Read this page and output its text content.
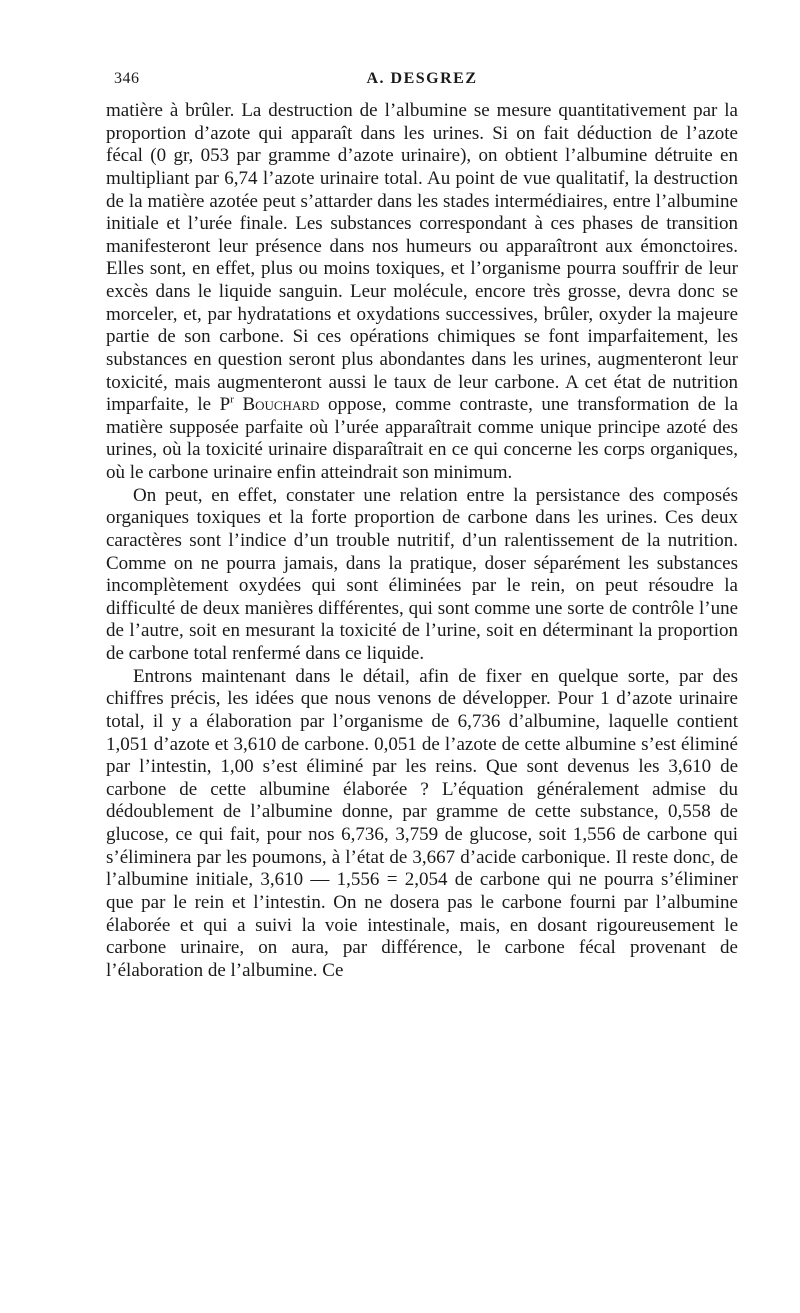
346	A. DESGREZ

matière à brûler. La destruction de l’albumine se mesure quantitativement par la proportion d’azote qui apparaît dans les urines. Si on fait déduction de l’azote fécal (0 gr, 053 par gramme d’azote urinaire), on obtient l’albumine détruite en multipliant par 6,74 l’azote urinaire total. Au point de vue qualitatif, la destruction de la matière azotée peut s’attarder dans les stades intermédiaires, entre l’albumine initiale et l’urée finale. Les substances correspondant à ces phases de transition manifesteront leur présence dans nos humeurs ou apparaîtront aux émonctoires. Elles sont, en effet, plus ou moins toxiques, et l’organisme pourra souffrir de leur excès dans le liquide sanguin. Leur molécule, encore très grosse, devra donc se morceler, et, par hydratations et oxydations successives, brûler, oxyder la majeure partie de son carbone. Si ces opérations chimiques se font imparfaitement, les substances en question seront plus abondantes dans les urines, augmenteront leur toxicité, mais augmenteront aussi le taux de leur carbone. A cet état de nutrition imparfaite, le $P^r$ Bouchard oppose, comme contraste, une transformation de la matière supposée parfaite où l’urée apparaîtrait comme unique principe azoté des urines, où la toxicité urinaire disparaîtrait en ce qui concerne les corps organiques, où le carbone urinaire enfin atteindrait son minimum.

On peut, en effet, constater une relation entre la persistance des composés organiques toxiques et la forte proportion de carbone dans les urines. Ces deux caractères sont l’indice d’un trouble nutritif, d’un ralentissement de la nutrition. Comme on ne pourra jamais, dans la pratique, doser séparément les substances incomplètement oxydées qui sont éliminées par le rein, on peut résoudre la difficulté de deux manières différentes, qui sont comme une sorte de contrôle l’une de l’autre, soit en mesurant la toxicité de l’urine, soit en déterminant la proportion de carbone total renfermé dans ce liquide.

Entrons maintenant dans le détail, afin de fixer en quelque sorte, par des chiffres précis, les idées que nous venons de développer. Pour 1 d’azote urinaire total, il y a élaboration par l’organisme de 6,736 d’albumine, laquelle contient 1,051 d’azote et 3,610 de carbone. 0,051 de l’azote de cette albumine s’est éliminé par l’intestin, 1,00 s’est éliminé par les reins. Que sont devenus les 3,610 de carbone de cette albumine élaborée ? L’équation généralement admise du dédoublement de l’albumine donne, par gramme de cette substance, 0,558 de glucose, ce qui fait, pour nos 6,736, 3,759 de glucose, soit 1,556 de carbone qui s’éliminera par les poumons, à l’état de 3,667 d’acide carbonique. Il reste donc, de l’albumine initiale, 3,610 — 1,556 = 2,054 de carbone qui ne pourra s’éliminer que par le rein et l’intestin. On ne dosera pas le carbone fourni par l’albumine élaborée et qui a suivi la voie intestinale, mais, en dosant rigoureusement le carbone urinaire, on aura, par différence, le carbone fécal provenant de l’élaboration de l’albumine. Ce
